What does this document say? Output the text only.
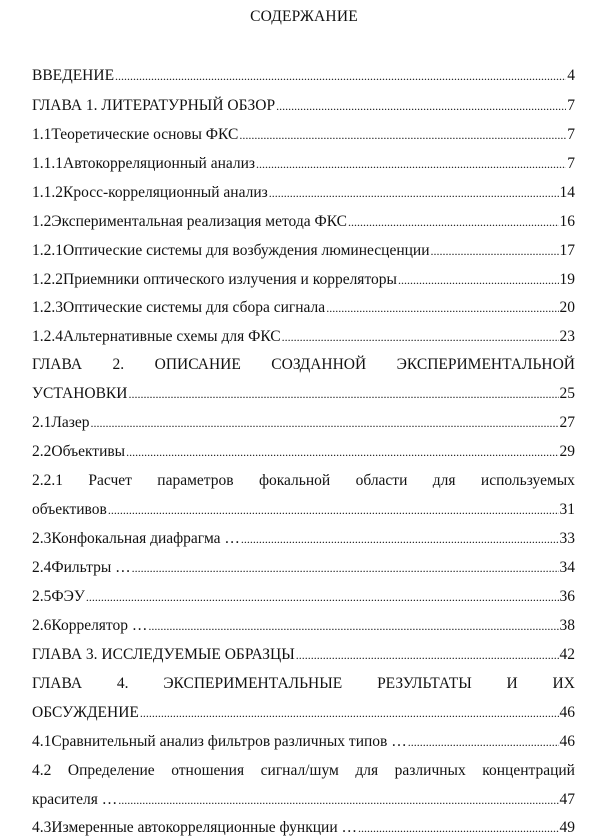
СОДЕРЖАНИЕ
ВВЕДЕНИЕ .....	4
ГЛАВА 1. ЛИТЕРАТУРНЫЙ ОБЗОР .....	7
1.1 Теоретические основы ФКС .....	7
1.1.1 Автокорреляционный анализ .....	7
1.1.2 Кросс-корреляционный анализ .....	14
1.2 Экспериментальная реализация метода ФКС .....	16
1.2.1 Оптические системы для возбуждения люминесценции .....	17
1.2.2 Приемники оптического излучения и корреляторы .....	19
1.2.3 Оптические системы для сбора сигнала .....	20
1.2.4 Альтернативные схемы для ФКС .....	23
ГЛАВА 2. ОПИСАНИЕ СОЗДАННОЙ ЭКСПЕРИМЕНТАЛЬНОЙ
УСТАНОВКИ .....	25
2.1 Лазер .....	27
2.2 Объективы .....	29
2.2.1 Расчет параметров фокальной области для используемых
объективов .....	31
2.3 Конфокальная диафрагма … .....	33
2.4 Фильтры … .....	34
2.5 ФЭУ .....	36
2.6 Коррелятор … .....	38
ГЛАВА 3. ИССЛЕДУЕМЫЕ ОБРАЗЦЫ .....	42
ГЛАВА 4. ЭКСПЕРИМЕНТАЛЬНЫЕ РЕЗУЛЬТАТЫ И ИХ
ОБСУЖДЕНИЕ .....	46
4.1 Сравнительный анализ фильтров различных типов … .....	46
4.2 Определение отношения сигнал/шум для различных концентраций
красителя … .....	47
4.3 Измеренные автокорреляционные функции … .....	49
